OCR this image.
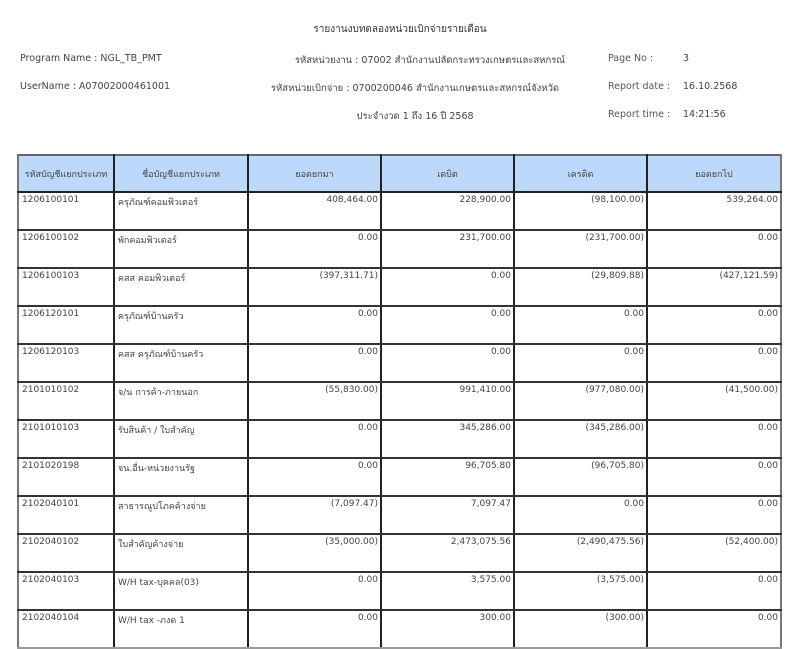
รายงานงบทดลองหน่วยเบิกจ่ายรายเดือน
Program Name : NGL_TB_PMT
UserName : A07002000461001
รหัสหน่วยงาน : 07002 สำนักงานปลัดกระทรวงเกษตรและสหกรณ์
รหัสหน่วยเบิกจ่าย : 0700200046 สำนักงานเกษตรและสหกรณ์จังหวัด
ประจำงวด 1 ถึง 16 ปี 2568
Page No :	3
Report date : 16.10.2568
Report time : 14:21:56
รหัสบัญชีแยกประเภท	ชื่อบัญชีแยกประเภท	ยอดยกมา	เดบิต	เครดิต	ยอดยกไป
1206100101	ครุภัณฑ์คอมพิวเตอร์	408,464.00	228,900.00	(98,100.00)	539,264.00
1206100102	พักคอมพิวเตอร์	0.00	231,700.00	(231,700.00)	0.00
1206100103	คสส คอมพิวเตอร์	(397,311.71)	0.00	(29,809.88)	(427,121.59)
1206120101	ครุภัณฑ์บ้านครัว	0.00	0.00	0.00	0.00
1206120103	คสส ครุภัณฑ์บ้านครัว	0.00	0.00	0.00	0.00
2101010102	จ/น การค้า-ภายนอก	(55,830.00)	991,410.00	(977,080.00)	(41,500.00)
2101010103	รับสินค้า / ใบสำคัญ	0.00	345,286.00	(345,286.00)	0.00
2101020198	จน.อื่น-หน่วยงานรัฐ	0.00	96,705.80	(96,705.80)	0.00
2102040101	สาธารณูปโภคค้างจ่าย	(7,097.47)	7,097.47	0.00	0.00
2102040102	ใบสำคัญค้างจ่าย	(35,000.00)	2,473,075.56	(2,490,475.56)	(52,400.00)
2102040103	W/H tax-บุคคล(03)	0.00	3,575.00	(3,575.00)	0.00
2102040104	W/H tax -ภงด 1	0.00	300.00	(300.00)	0.00
